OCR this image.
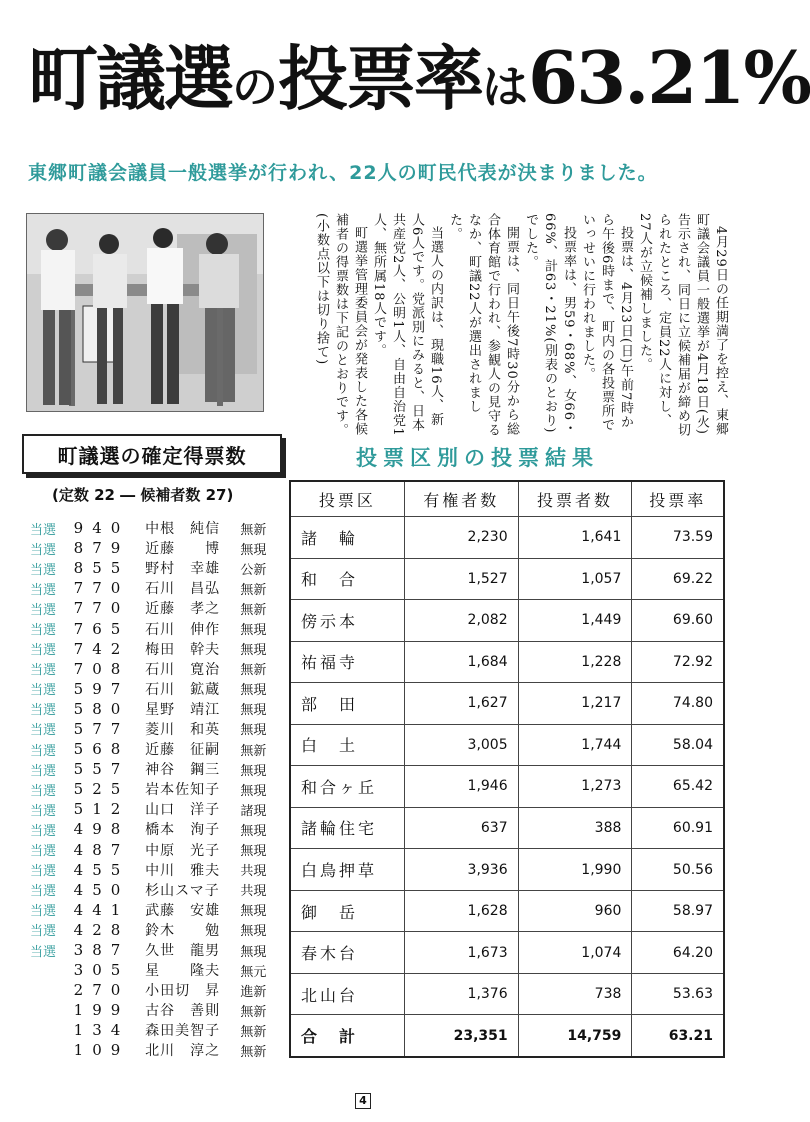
町議選の投票率は63.21%
東郷町議会議員一般選挙が行われ、22人の町民代表が決まりました。

4月29日の任期満了を控え、東郷町議会議員一般選挙が4月18日(火)告示され、同日に立候補届が締め切られたところ、定員22人に対し、27人が立候補しました。

投票は、4月23日(日)午前7時から午後6時まで、町内の各投票所でいっせいに行われました。

投票率は、男59・68%、女66・66%、計63・21%(別表のとおり)でした。

開票は、同日午後7時30分から総合体育館で行われ、参観人の見守るなか、町議22人が選出されました。

当選人の内訳は、現職16人、新人6人です。党派別にみると、日本共産党2人、公明1人、自由自治党1人、無所属18人です。

町選挙管理委員会が発表した各候補者の得票数は下記のとおりです。(小数点以下は切り捨て)

町議選の確定得票数
(定数 22 ― 候補者数 27)
当選	940	中根　純信	無新
当選	879	近藤　　博	無現
当選	855	野村　幸雄	公新
当選	770	石川　昌弘	無新
当選	770	近藤　孝之	無新
当選	765	石川　伸作	無現
当選	742	梅田　幹夫	無現
当選	708	石川　寛治	無新
当選	597	石川　鉱蔵	無現
当選	580	星野　靖江	無現
当選	577	菱川　和英	無現
当選	568	近藤　征嗣	無新
当選	557	神谷　鋼三	無現
当選	525	岩本佐知子	無現
当選	512	山口　洋子	諸現
当選	498	橋本　洵子	無現
当選	487	中原　光子	無現
当選	455	中川　雅夫	共現
当選	450	杉山スマ子	共現
当選	441	武藤　安雄	無現
当選	428	鈴木　　勉	無現
当選	387	久世　龍男	無現
305	星　　隆夫	無元
270	小田切　昇	進新
199	古谷　善則	無新
134	森田美智子	無新
109	北川　淳之	無新
投票区別の投票結果
投票区	有権者数	投票者数	投票率
諸　輪	2,230	1,641	73.59
和　合	1,527	1,057	69.22
傍示本	2,082	1,449	69.60
祐福寺	1,684	1,228	72.92
部　田	1,627	1,217	74.80
白　土	3,005	1,744	58.04
和合ヶ丘	1,946	1,273	65.42
諸輪住宅	637	388	60.91
白鳥押草	3,936	1,990	50.56
御　岳	1,628	960	58.97
春木台	1,673	1,074	64.20
北山台	1,376	738	53.63
合　計	23,351	14,759	63.21
4
